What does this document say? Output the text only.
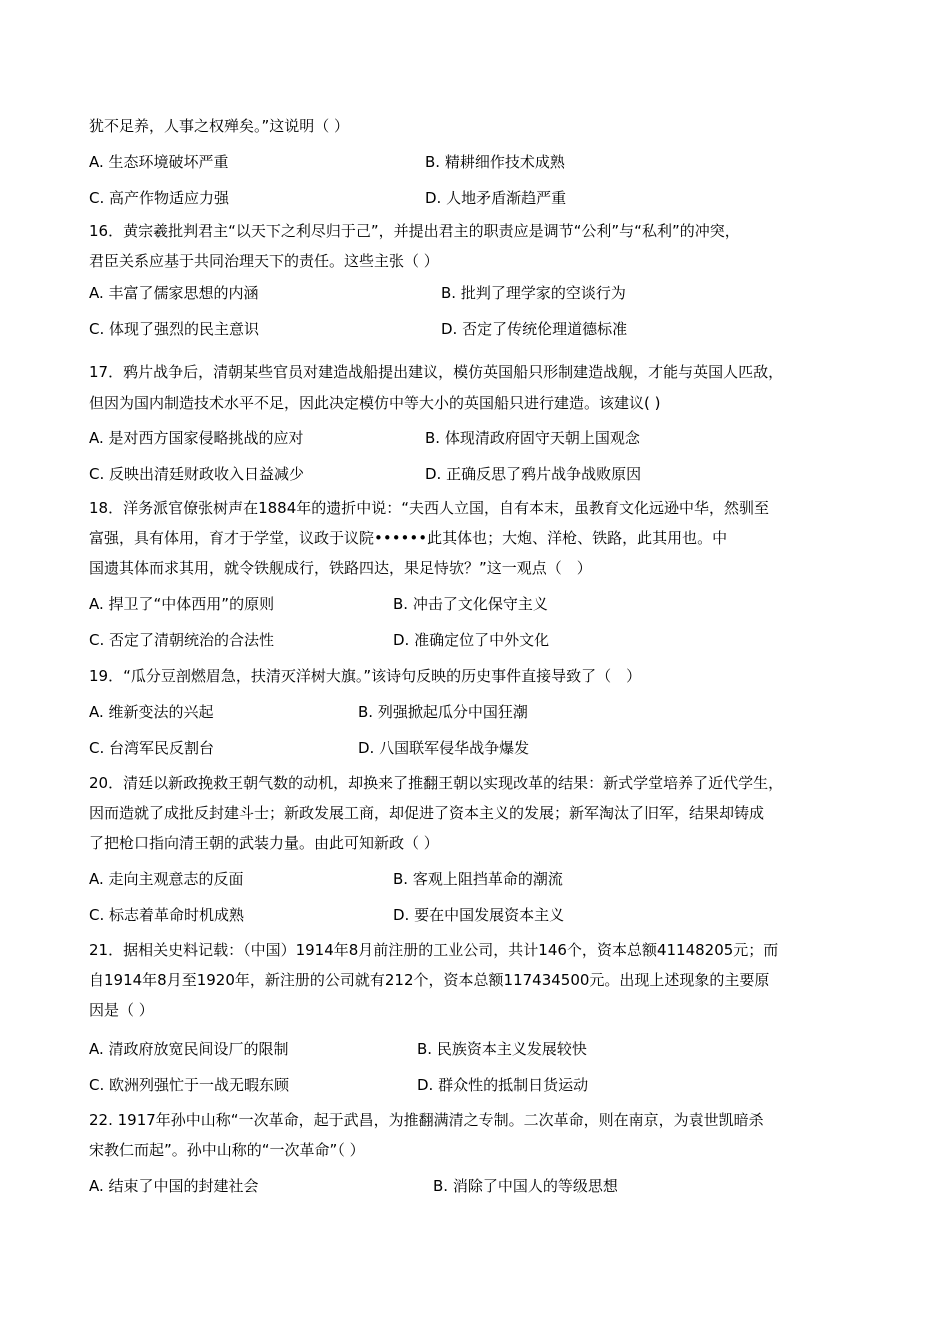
犹不足养，人事之权殚矣。”这说明（ ）
A. 生态环境破坏严重	B. 精耕细作技术成熟
C. 高产作物适应力强	D. 人地矛盾渐趋严重
16．黄宗羲批判君主“以天下之利尽归于己”，并提出君主的职责应是调节“公利”与“私利”的冲突，
君臣关系应基于共同治理天下的责任。这些主张（ ）
A. 丰富了儒家思想的内涵	B. 批判了理学家的空谈行为
C. 体现了强烈的民主意识	D. 否定了传统伦理道德标准
17．鸦片战争后，清朝某些官员对建造战船提出建议，模仿英国船只形制建造战舰，才能与英国人匹敌，
但因为国内制造技术水平不足，因此决定模仿中等大小的英国船只进行建造。该建议( )
A. 是对西方国家侵略挑战的应对	B. 体现清政府固守天朝上国观念
C. 反映出清廷财政收入日益减少	D. 正确反思了鸦片战争战败原因
18．洋务派官僚张树声在1884年的遗折中说：“夫西人立国，自有本末，虽教育文化远逊中华，然驯至
富强，具有体用，育才于学堂，议政于议院••••••此其体也；大炮、洋枪、铁路，此其用也。中
国遗其体而求其用，就令铁舰成行，铁路四达，果足恃欤？”这一观点（　）
A. 捍卫了“中体西用”的原则	B. 冲击了文化保守主义
C. 否定了清朝统治的合法性	D. 准确定位了中外文化
19．“瓜分豆剖燃眉急，扶清灭洋树大旗。”该诗句反映的历史事件直接导致了（　）
A. 维新变法的兴起	B. 列强掀起瓜分中国狂潮
C. 台湾军民反割台	D. 八国联军侵华战争爆发
20．清廷以新政挽救王朝气数的动机，却换来了推翻王朝以实现改革的结果：新式学堂培养了近代学生，
因而造就了成批反封建斗士；新政发展工商，却促进了资本主义的发展；新军淘汰了旧军，结果却铸成
了把枪口指向清王朝的武装力量。由此可知新政（ ）
A. 走向主观意志的反面	B. 客观上阻挡革命的潮流
C. 标志着革命时机成熟	D. 要在中国发展资本主义
21．据相关史料记载：（中国）1914年8月前注册的工业公司，共计146个，资本总额41148205元；而
自1914年8月至1920年，新注册的公司就有212个，资本总额117434500元。出现上述现象的主要原
因是（ ）
A. 清政府放宽民间设厂的限制	B. 民族资本主义发展较快
C. 欧洲列强忙于一战无暇东顾	D. 群众性的抵制日货运动
22. 1917年孙中山称“一次革命，起于武昌，为推翻满清之专制。二次革命，则在南京，为袁世凯暗杀
宋教仁而起”。孙中山称的“一次革命”（ ）
A. 结束了中国的封建社会	B. 消除了中国人的等级思想
